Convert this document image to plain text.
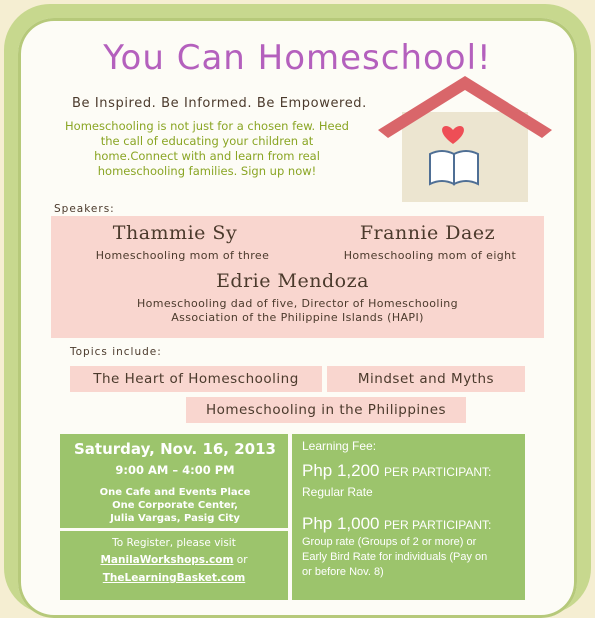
You Can Homeschool!
Be Inspired. Be Informed. Be Empowered.
Homeschooling is not just for a chosen few. Heed the call of educating your children at home.Connect with and learn from real homeschooling families. Sign up now!
Speakers:
Thammie Sy
Homeschooling mom of three
Frannie Daez
Homeschooling mom of eight
Edrie Mendoza
Homeschooling dad of five, Director of Homeschooling
Association of the Philippine Islands (HAPI)
Topics include:
The Heart of Homeschooling	Mindset and Myths
Homeschooling in the Philippines
Saturday, Nov. 16, 2013
9:00 AM – 4:00 PM
One Cafe and Events Place
One Corporate Center,
Julia Vargas, Pasig City
To Register, please visit
ManilaWorkshops.com or
TheLearningBasket.com
Learning Fee:
Php 1,200 PER PARTICIPANT:
Regular Rate
Php 1,000 PER PARTICIPANT:
Group rate (Groups of 2 or more) or
Early Bird Rate for individuals (Pay on
or before Nov. 8)
